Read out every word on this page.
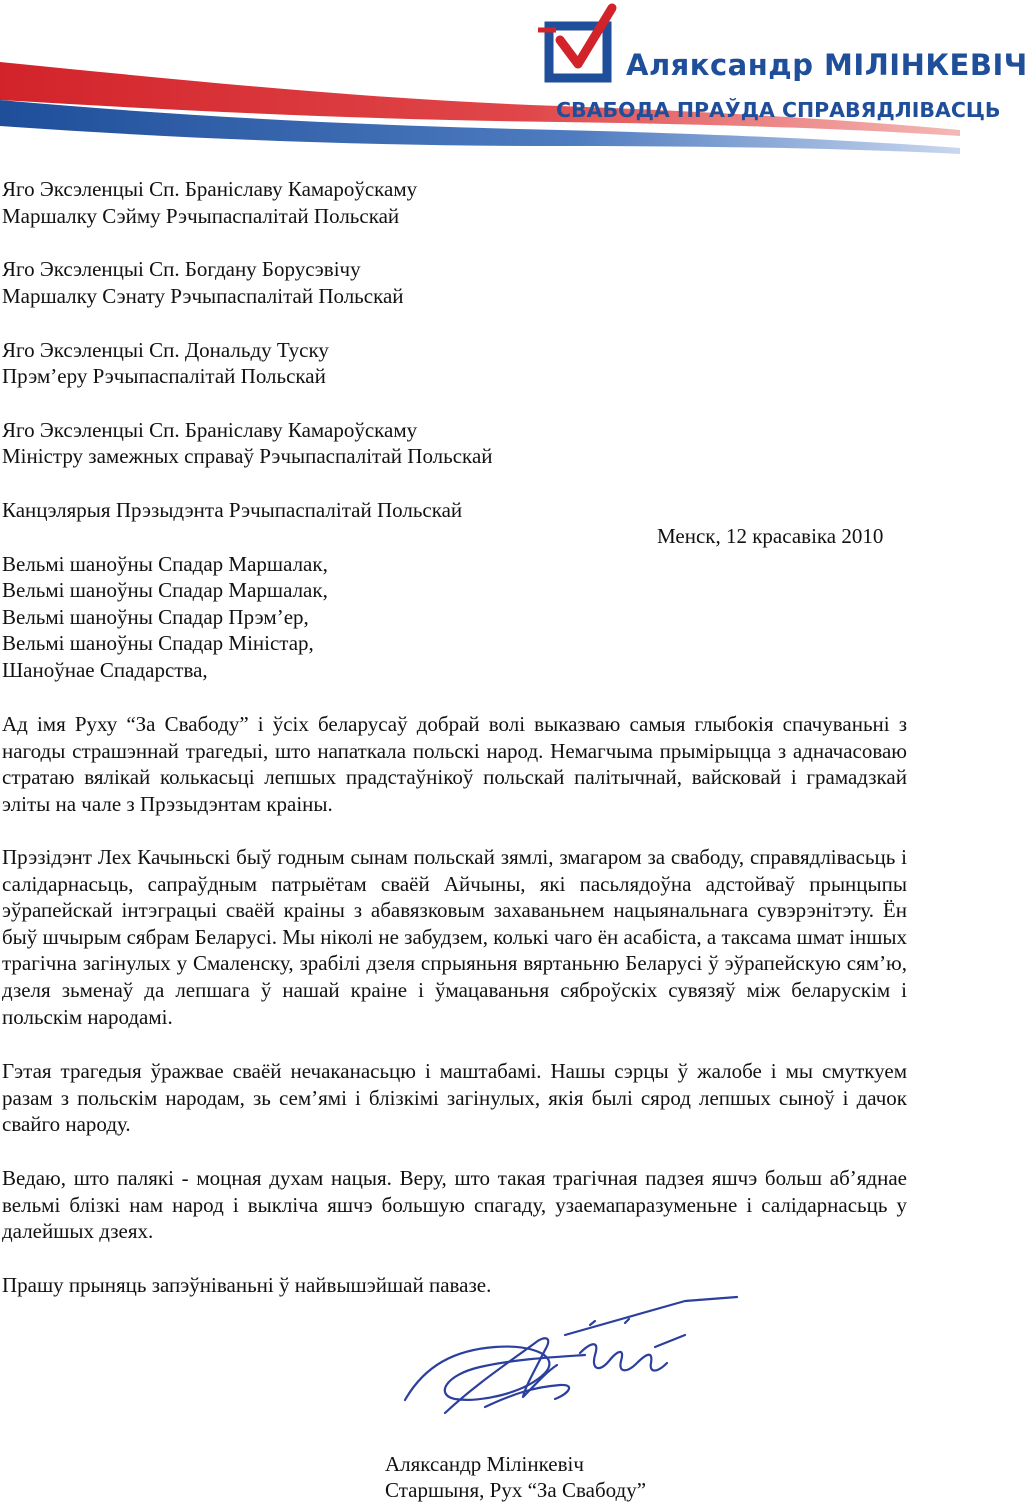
Аляксандр МІЛІНКЕВІЧ
СВАБОДА ПРАЎДА СПРАВЯДЛІВАСЦЬ
Яго Эксэленцыі Сп. Браніславу Камароўскаму
Маршалку Сэйму Рэчыпаспалітай Польскай
Яго Эксэленцыі Сп. Богдану Борусэвічу
Маршалку Сэнату Рэчыпаспалітай Польскай
Яго Эксэленцыі Сп. Дональду Туску
Прэм’еру Рэчыпаспалітай Польскай
Яго Эксэленцыі Сп. Браніславу Камароўскаму
Міністру замежных справаў Рэчыпаспалітай Польскай
Канцэлярыя Прэзыдэнта Рэчыпаспалітай Польскай
Менск, 12 красавіка 2010
Вельмі шаноўны Спадар Маршалак,
Вельмі шаноўны Спадар Маршалак,
Вельмі шаноўны Спадар Прэм’ер,
Вельмі шаноўны Спадар Міністар,
Шаноўнае Спадарства,
Ад імя Руху “За Свабоду” і ўсіх беларусаў добрай волі выказваю самыя глыбокія спачуваньні з нагоды страшэннай трагедыі, што напаткала польскі народ. Немагчыма прымірыцца з адначасоваю стратаю вялікай колькасьці лепшых прадстаўнікоў польскай палітычнай, вайсковай і грамадзкай эліты на чале з Прэзыдэнтам краіны.
Прэзідэнт Лех Качыньскі быў годным сынам польскай зямлі, змагаром за свабоду, справядлівасьць і салідарнасьць, сапраўдным патрыётам сваёй Айчыны, які пасьлядоўна адстойваў прынцыпы эўрапейскай інтэграцыі сваёй краіны з абавязковым захаваньнем нацыянальнага сувэрэнітэту. Ён быў шчырым сябрам Беларусі. Мы ніколі не забудзем, колькі чаго ён асабіста, а таксама шмат іншых трагічна загінулых у Смаленску, зрабілі дзеля спрыяньня вяртаньню Беларусі ў эўрапейскую сям’ю, дзеля зьменаў да лепшага ў нашай краіне і ўмацаваньня сяброўскіх сувязяў між беларускім і польскім народамі.
Гэтая трагедыя ўражвае сваёй нечаканасьцю і маштабамі. Нашы сэрцы ў жалобе і мы смуткуем разам з польскім народам, зь сем’ямі і блізкімі загінулых, якія былі сярод лепшых сыноў і дачок свайго народу.
Ведаю, што палякі - моцная духам нацыя. Веру, што такая трагічная падзея яшчэ больш аб’яднае вельмі блізкі нам народ і выкліча яшчэ большую спагаду, узаемапаразуменьне і салідарнасьць у далейшых дзеях.
Прашу прыняць запэўніваньні ў найвышэйшай павазе.
Аляксандр Мілінкевіч
Старшыня, Рух “За Свабоду”
